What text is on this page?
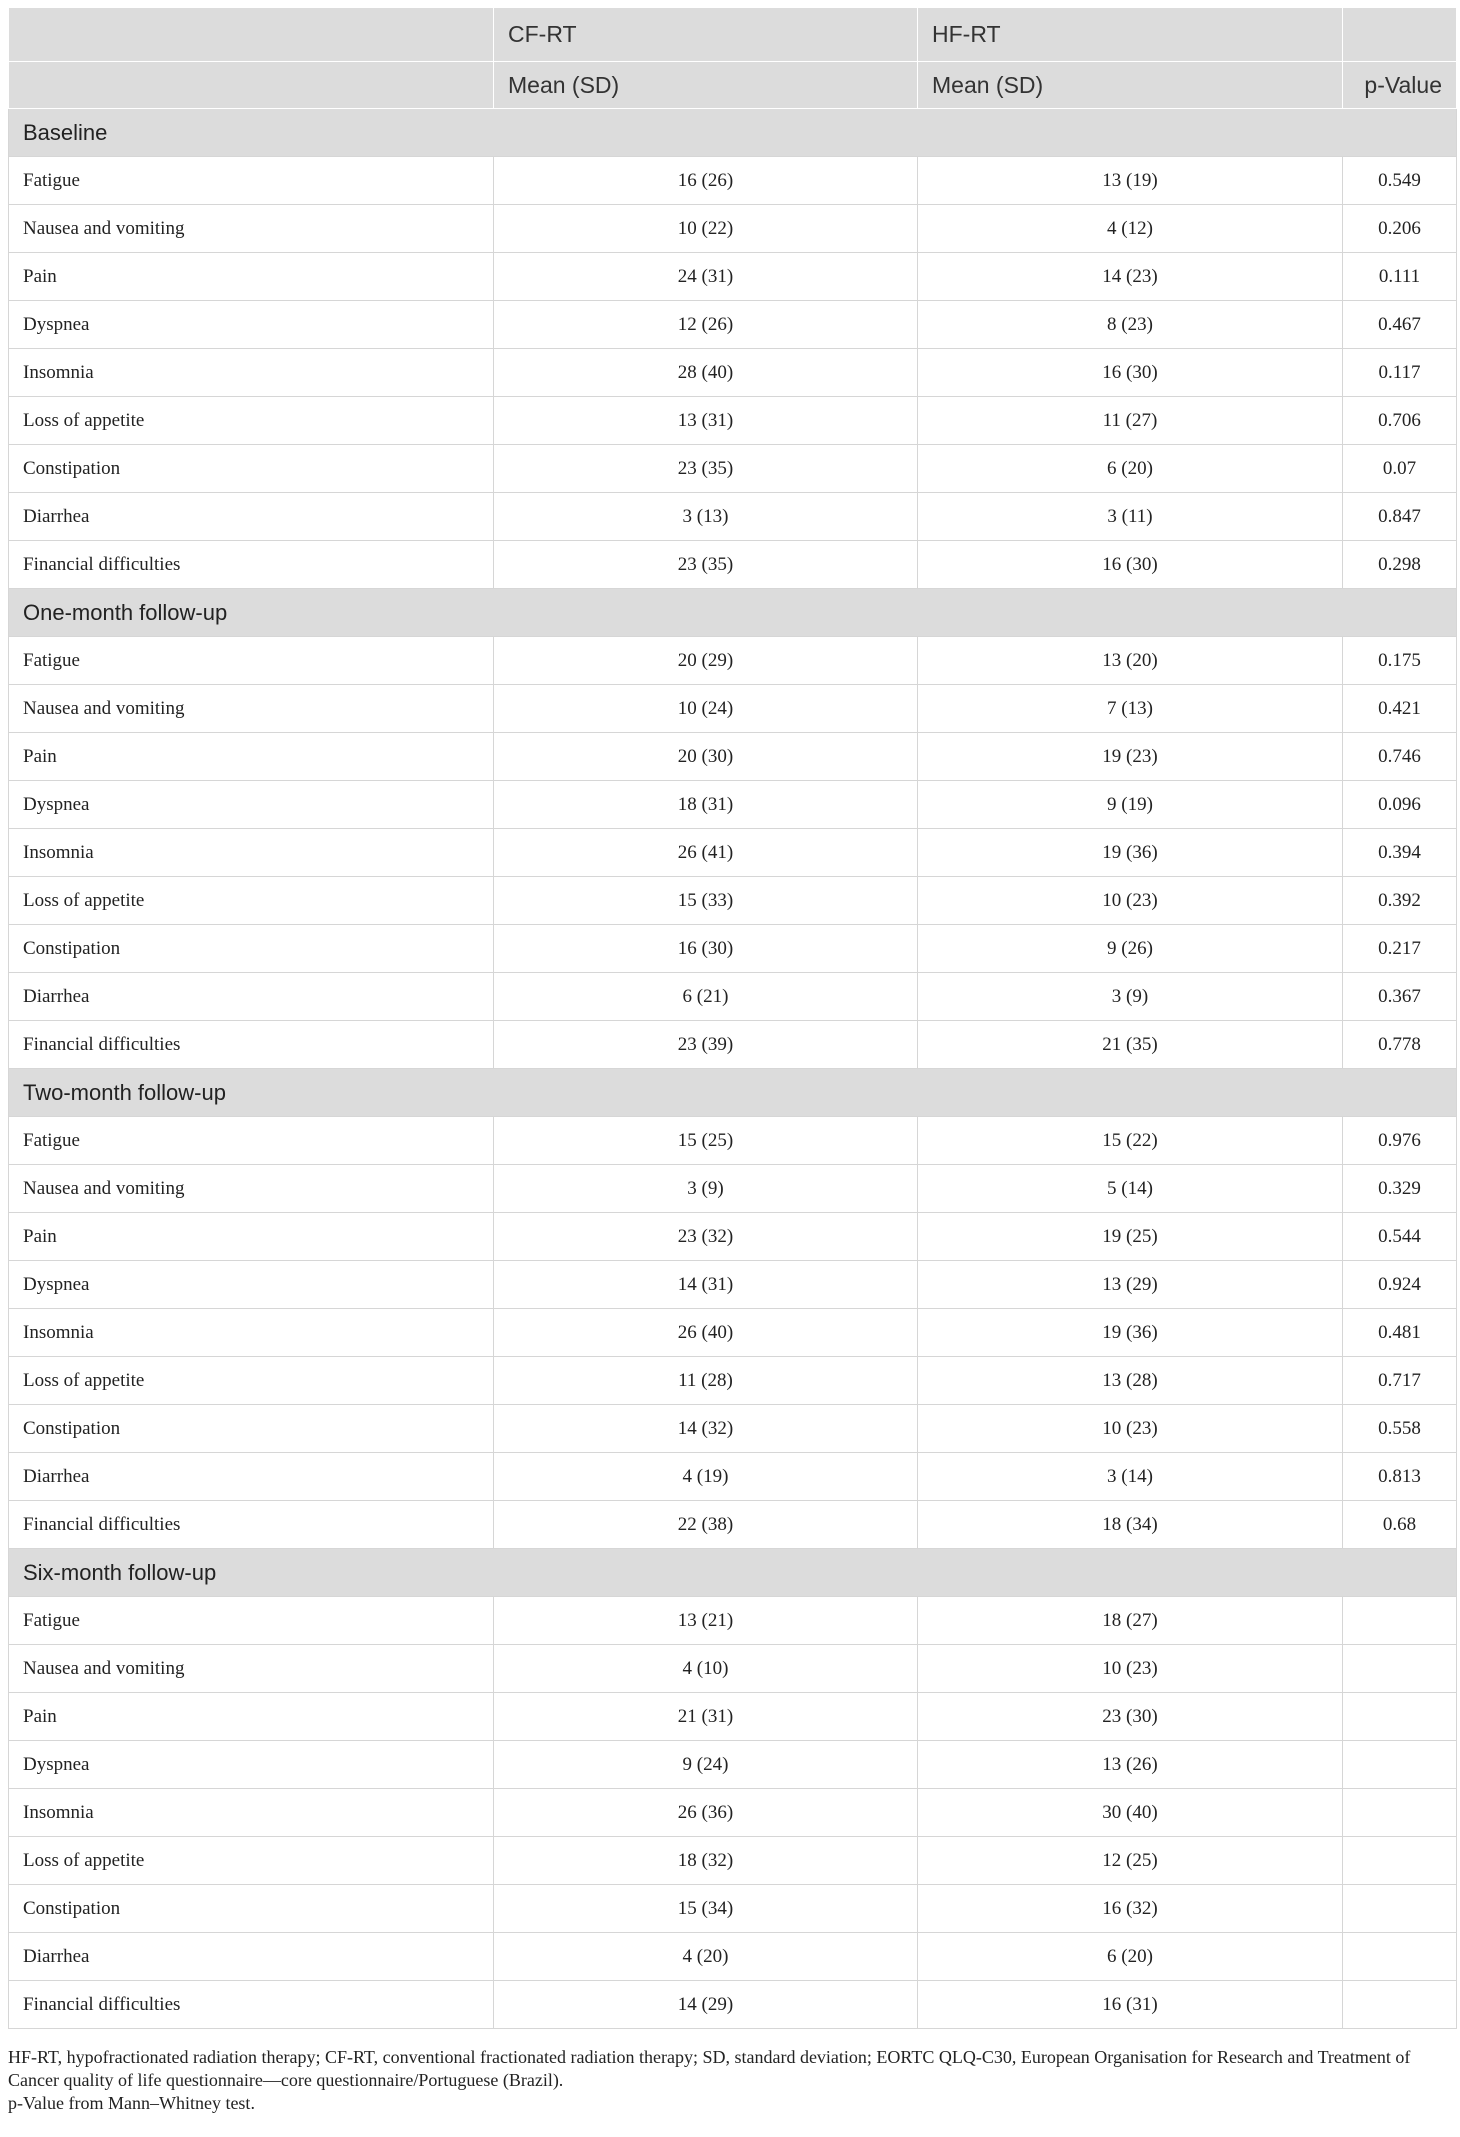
	CF-RT	HF-RT	
	Mean (SD)	Mean (SD)	p-Value
Baseline			
Fatigue	16 (26)	13 (19)	0.549
Nausea and vomiting	10 (22)	4 (12)	0.206
Pain	24 (31)	14 (23)	0.111
Dyspnea	12 (26)	8 (23)	0.467
Insomnia	28 (40)	16 (30)	0.117
Loss of appetite	13 (31)	11 (27)	0.706
Constipation	23 (35)	6 (20)	0.07
Diarrhea	3 (13)	3 (11)	0.847
Financial difficulties	23 (35)	16 (30)	0.298
One-month follow-up			
Fatigue	20 (29)	13 (20)	0.175
Nausea and vomiting	10 (24)	7 (13)	0.421
Pain	20 (30)	19 (23)	0.746
Dyspnea	18 (31)	9 (19)	0.096
Insomnia	26 (41)	19 (36)	0.394
Loss of appetite	15 (33)	10 (23)	0.392
Constipation	16 (30)	9 (26)	0.217
Diarrhea	6 (21)	3 (9)	0.367
Financial difficulties	23 (39)	21 (35)	0.778
Two-month follow-up			
Fatigue	15 (25)	15 (22)	0.976
Nausea and vomiting	3 (9)	5 (14)	0.329
Pain	23 (32)	19 (25)	0.544
Dyspnea	14 (31)	13 (29)	0.924
Insomnia	26 (40)	19 (36)	0.481
Loss of appetite	11 (28)	13 (28)	0.717
Constipation	14 (32)	10 (23)	0.558
Diarrhea	4 (19)	3 (14)	0.813
Financial difficulties	22 (38)	18 (34)	0.68
Six-month follow-up			
Fatigue	13 (21)	18 (27)	
Nausea and vomiting	4 (10)	10 (23)	
Pain	21 (31)	23 (30)	
Dyspnea	9 (24)	13 (26)	
Insomnia	26 (36)	30 (40)	
Loss of appetite	18 (32)	12 (25)	
Constipation	15 (34)	16 (32)	
Diarrhea	4 (20)	6 (20)	
Financial difficulties	14 (29)	16 (31)	

HF-RT, hypofractionated radiation therapy; CF-RT, conventional fractionated radiation therapy; SD, standard deviation; EORTC QLQ-C30, European Organisation for Research and Treatment of Cancer quality of life questionnaire—core questionnaire/Portuguese (Brazil).

p-Value from Mann–Whitney test.
